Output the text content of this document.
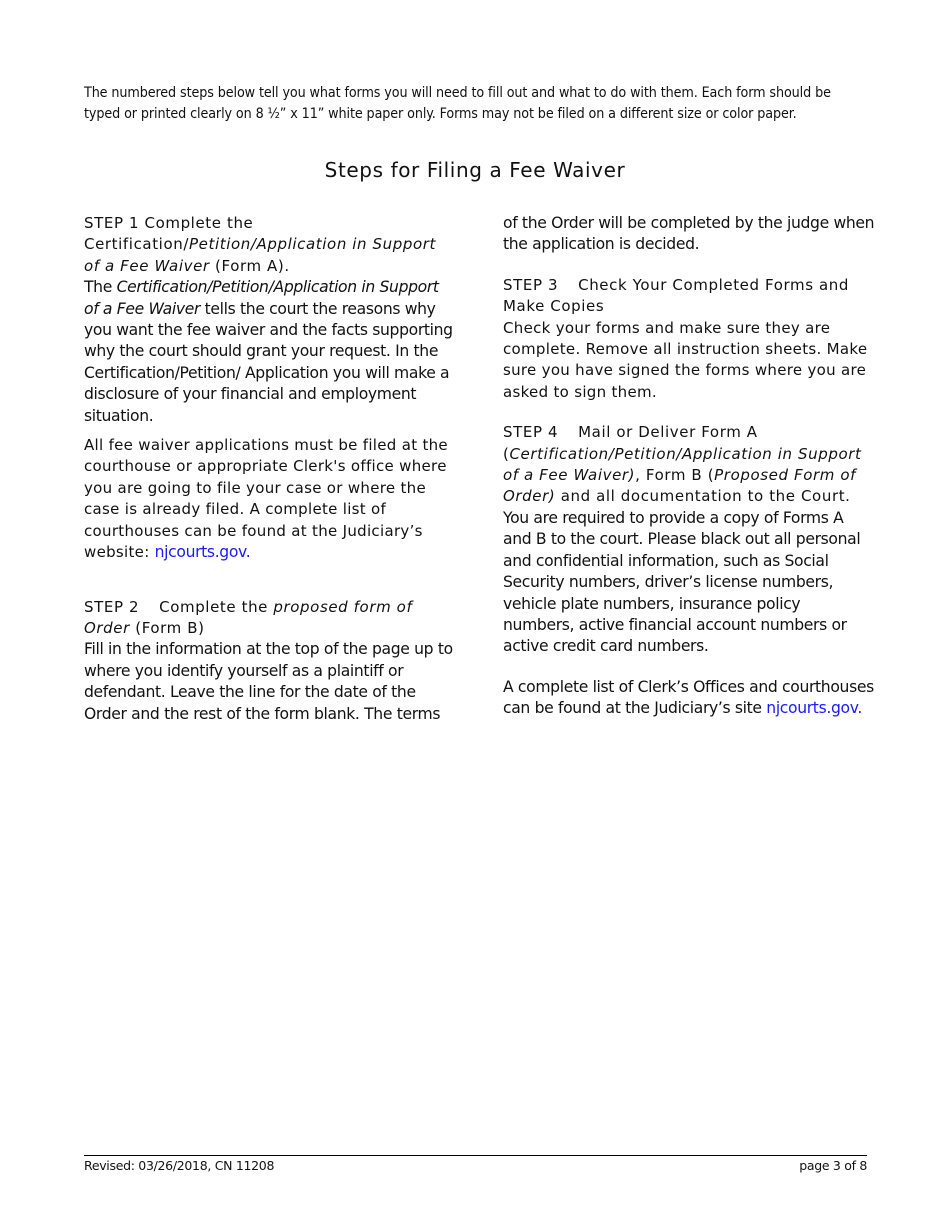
The numbered steps below tell you what forms you will need to fill out and what to do with them. Each form should be typed or printed clearly on 8 ½” x 11” white paper only. Forms may not be filed on a different size or color paper.
Steps for Filing a Fee Waiver

STEP 1 Complete the Certification/Petition/Application in Support of a Fee Waiver (Form A).

The Certification/Petition/Application in Support of a Fee Waiver tells the court the reasons why you want the fee waiver and the facts supporting why the court should grant your request. In the Certification/Petition/ Application you will make a disclosure of your financial and employment situation.

All fee waiver applications must be filed at the courthouse or appropriate Clerk's office where you are going to file your case or where the case is already filed. A complete list of courthouses can be found at the Judiciary’s website: njcourts.gov.

STEP 2 Complete the proposed form of Order (Form B)

Fill in the information at the top of the page up to where you identify yourself as a plaintiff or defendant. Leave the line for the date of the Order and the rest of the form blank. The terms

of the Order will be completed by the judge when the application is decided.

STEP 3 Check Your Completed Forms and Make Copies

Check your forms and make sure they are complete. Remove all instruction sheets. Make sure you have signed the forms where you are asked to sign them.

STEP 4 Mail or Deliver Form A
(Certification/Petition/Application in Support of a Fee Waiver), Form B (Proposed Form of Order) and all documentation to the Court.

You are required to provide a copy of Forms A and B to the court. Please black out all personal and confidential information, such as Social Security numbers, driver’s license numbers, vehicle plate numbers, insurance policy numbers, active financial account numbers or active credit card numbers.

A complete list of Clerk’s Offices and courthouses can be found at the Judiciary’s site njcourts.gov.

Revised: 03/26/2018, CN 11208	page 3 of 8
